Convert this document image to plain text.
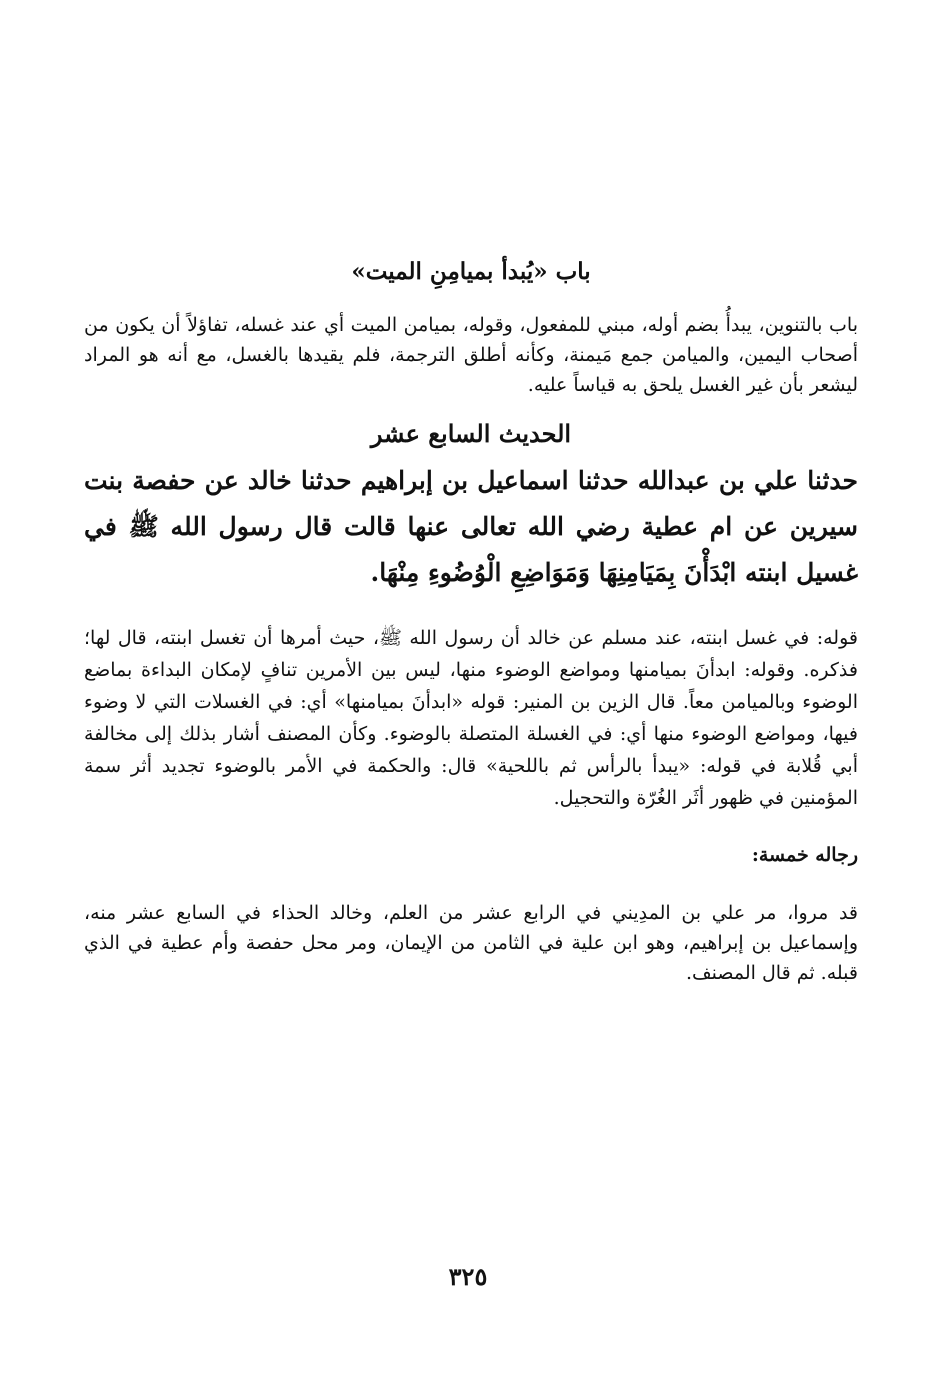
باب «يُبدأ بميامِنِ الميت»

باب بالتنوين، يبدأُ بضم أوله، مبني للمفعول، وقوله، بميامن الميت أي عند غسله، تفاؤلاً أن يكون من أصحاب اليمين، والميامن جمع مَيمنة، وكأنه أطلق الترجمة، فلم يقيدها بالغسل، مع أنه هو المراد ليشعر بأن غير الغسل يلحق به قياساً عليه.

الحديث السابع عشر

حدثنا علي بن عبدالله حدثنا اسماعيل بن إبراهيم حدثنا خالد عن حفصة بنت سيرين عن ام عطية رضي الله تعالى عنها قالت قال رسول الله ﷺ في غسيل ابنته ابْدَأْنَ بِمَيَامِنِهَا وَمَوَاضِعِ الْوُضُوءِ مِنْهَا.

قوله: في غسل ابنته، عند مسلم عن خالد أن رسول الله ﷺ، حيث أمرها أن تغسل ابنته، قال لها؛ فذكره. وقوله: ابدأنَ بميامنها ومواضع الوضوء منها، ليس بين الأمرين تنافٍ لإمكان البداءة بماضع الوضوء وبالميامن معاً. قال الزين بن المنير: قوله «ابدأنَ بميامنها» أي: في الغسلات التي لا وضوء فيها، ومواضع الوضوء منها أي: في الغسلة المتصلة بالوضوء. وكأن المصنف أشار بذلك إلى مخالفة أبي قُلابة في قوله: «يبدأ بالرأس ثم باللحية» قال: والحكمة في الأمر بالوضوء تجديد أثر سمة المؤمنين في ظهور أثَر الغُرّة والتحجيل.

رجاله خمسة:

قد مروا، مر علي بن المدِيني في الرابع عشر من العلم، وخالد الحذاء في السابع عشر منه، وإسماعيل بن إبراهيم، وهو ابن علية في الثامن من الإيمان، ومر محل حفصة وأم عطية في الذي قبله. ثم قال المصنف.

٣٢٥
